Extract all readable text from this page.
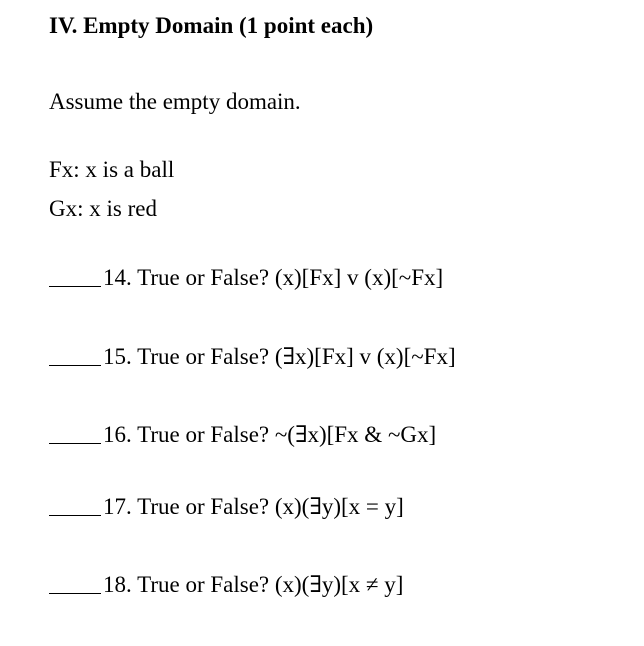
IV. Empty Domain (1 point each)
Assume the empty domain.
Fx: x is a ball
Gx: x is red
14. True or False? (x)[Fx] v (x)[~Fx]
15. True or False? (∃x)[Fx] v (x)[~Fx]
16. True or False? ~(∃x)[Fx & ~Gx]
17. True or False? (x)(∃y)[x = y]
18. True or False? (x)(∃y)[x ≠ y]
